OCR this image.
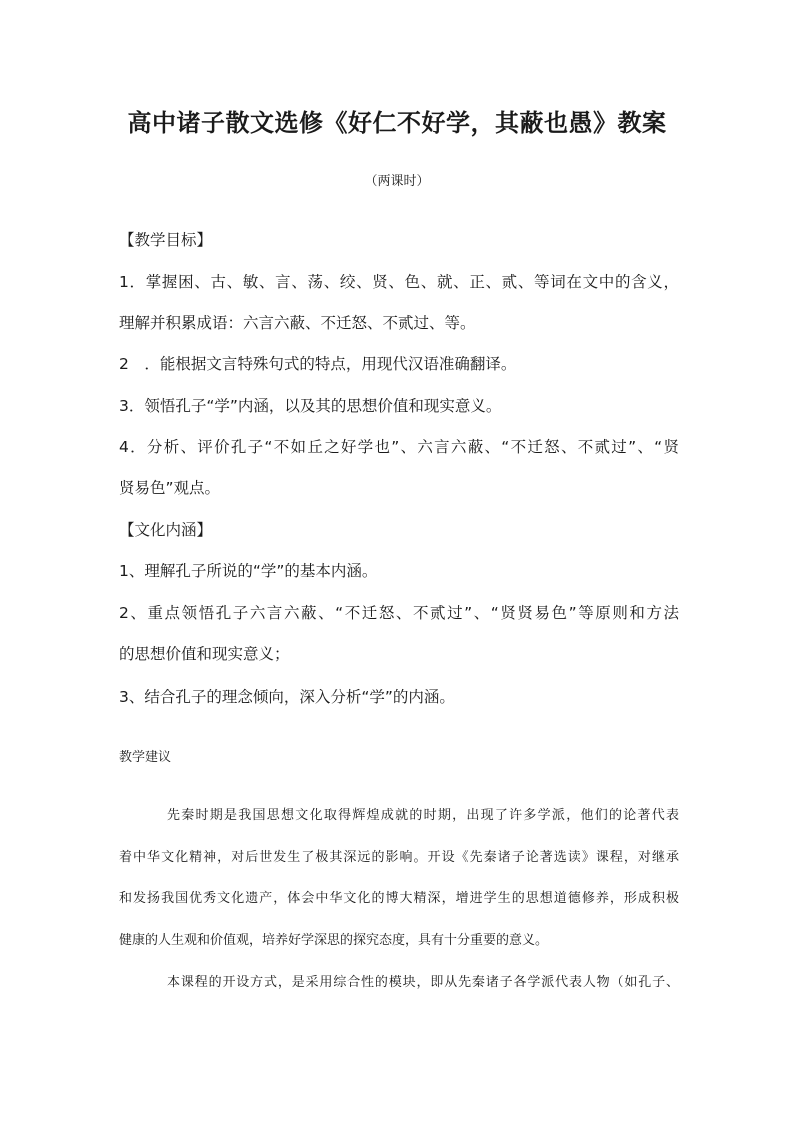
高中诸子散文选修《好仁不好学，其蔽也愚》教案

（两课时）

【教学目标】

1．掌握困、古、敏、言、荡、绞、贤、色、就、正、贰、等词在文中的含义，

理解并积累成语：六言六蔽、不迁怒、不贰过、等。

2　．能根据文言特殊句式的特点，用现代汉语准确翻译。

3．领悟孔子“学”内涵，以及其的思想价值和现实意义。

4．分析、评价孔子“不如丘之好学也”、六言六蔽、“不迁怒、不贰过”、“贤

贤易色”观点。

【文化内涵】

1、理解孔子所说的“学”的基本内涵。

2、重点领悟孔子六言六蔽、“不迁怒、不贰过”、“贤贤易色”等原则和方法

的思想价值和现实意义；

3、结合孔子的理念倾向，深入分析“学”的内涵。

教学建议

先秦时期是我国思想文化取得辉煌成就的时期，出现了许多学派，他们的论著代表

着中华文化精神，对后世发生了极其深远的影响。开设《先秦诸子论著选读》课程，对继承

和发扬我国优秀文化遗产，体会中华文化的博大精深，增进学生的思想道德修养，形成积极

健康的人生观和价值观，培养好学深思的探究态度，具有十分重要的意义。

本课程的开设方式，是采用综合性的模块，即从先秦诸子各学派代表人物（如孔子、
